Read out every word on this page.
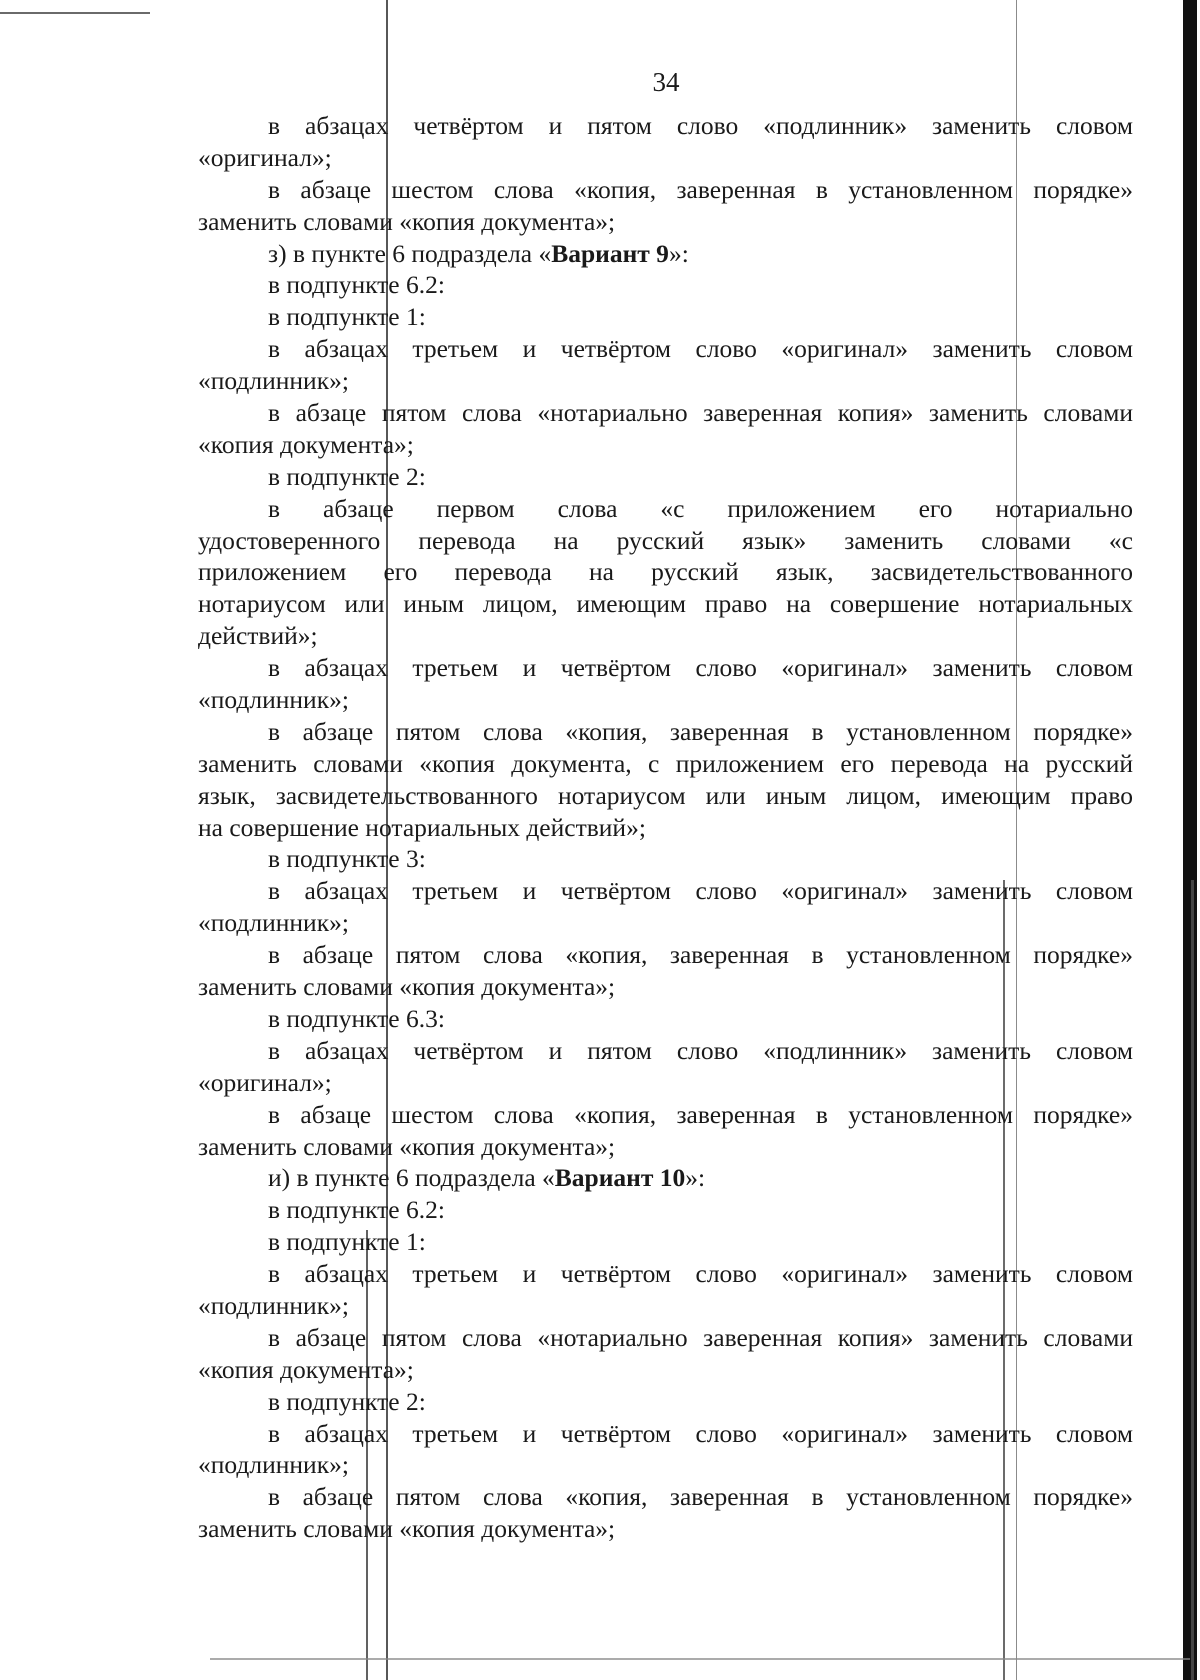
34
в абзацах четвёртом и пятом слово «подлинник» заменить словом
«оригинал»;
в абзаце шестом слова «копия, заверенная в установленном порядке»
заменить словами «копия документа»;
з) в пункте 6 подраздела «Вариант 9»:
в подпункте 6.2:
в подпункте 1:
в абзацах третьем и четвёртом слово «оригинал» заменить словом
«подлинник»;
в абзаце пятом слова «нотариально заверенная копия» заменить словами
«копия документа»;
в подпункте 2:
в абзаце первом слова «с приложением его нотариально
удостоверенного перевода на русский язык» заменить словами «с
приложением его перевода на русский язык, засвидетельствованного
нотариусом или иным лицом, имеющим право на совершение нотариальных
действий»;
в абзацах третьем и четвёртом слово «оригинал» заменить словом
«подлинник»;
в абзаце пятом слова «копия, заверенная в установленном порядке»
заменить словами «копия документа, с приложением его перевода на русский
язык, засвидетельствованного нотариусом или иным лицом, имеющим право
на совершение нотариальных действий»;
в подпункте 3:
в абзацах третьем и четвёртом слово «оригинал» заменить словом
«подлинник»;
в абзаце пятом слова «копия, заверенная в установленном порядке»
заменить словами «копия документа»;
в подпункте 6.3:
в абзацах четвёртом и пятом слово «подлинник» заменить словом
«оригинал»;
в абзаце шестом слова «копия, заверенная в установленном порядке»
заменить словами «копия документа»;
и) в пункте 6 подраздела «Вариант 10»:
в подпункте 6.2:
в подпункте 1:
в абзацах третьем и четвёртом слово «оригинал» заменить словом
«подлинник»;
в абзаце пятом слова «нотариально заверенная копия» заменить словами
«копия документа»;
в подпункте 2:
в абзацах третьем и четвёртом слово «оригинал» заменить словом
«подлинник»;
в абзаце пятом слова «копия, заверенная в установленном порядке»
заменить словами «копия документа»;
